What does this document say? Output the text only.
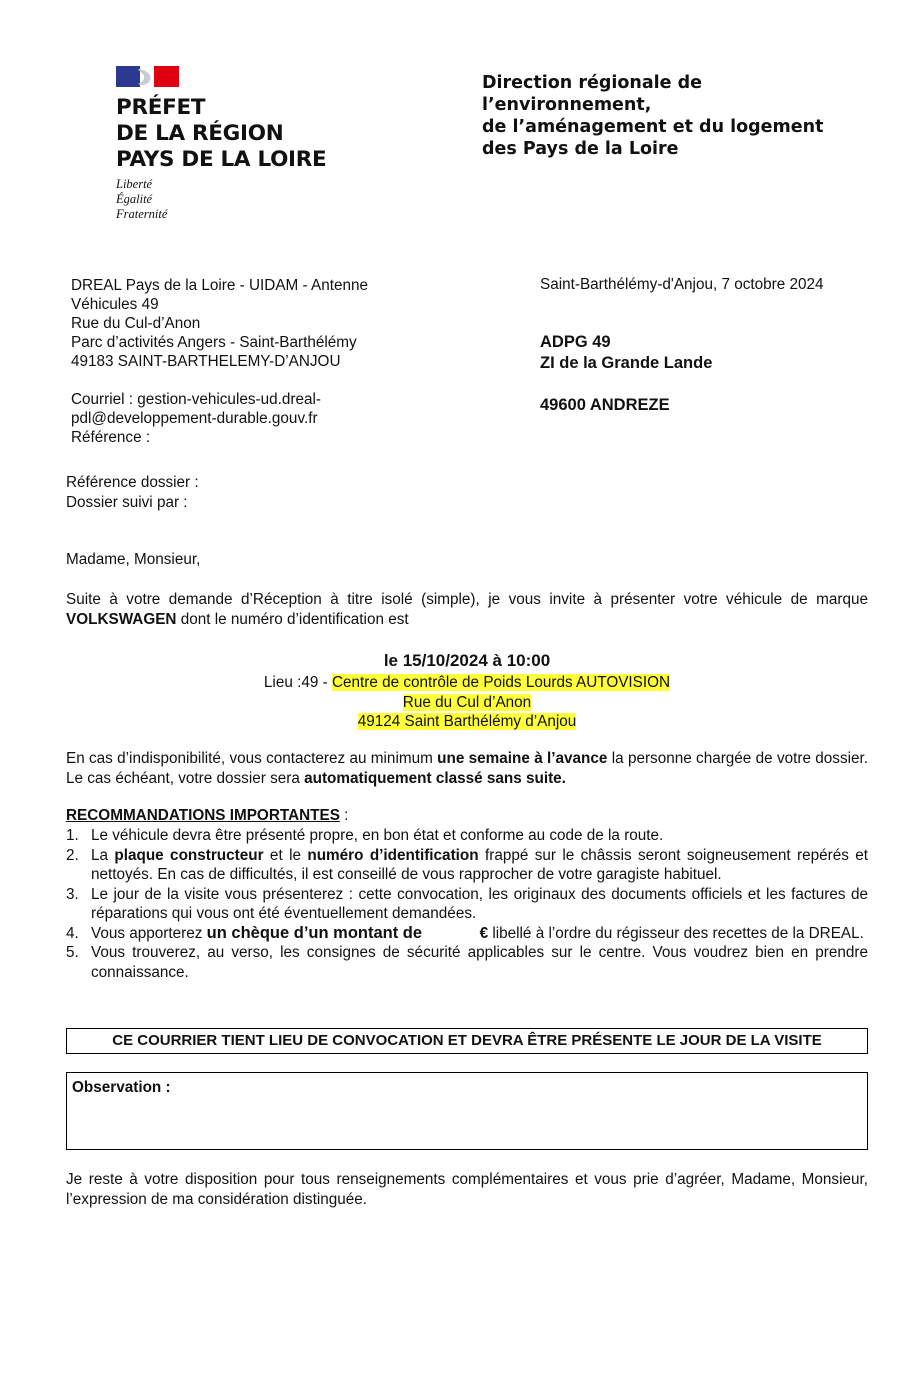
PRÉFET
DE LA RÉGION
PAYS DE LA LOIRE
Liberté
Égalité
Fraternité
Direction régionale de
l’environnement,
de l’aménagement et du logement
des Pays de la Loire
DREAL Pays de la Loire - UIDAM - Antenne
Véhicules 49
Rue du Cul-d’Anon
Parc d’activités Angers - Saint-Barthélémy
49183 SAINT-BARTHELEMY-D’ANJOU
Courriel : gestion-vehicules-ud.dreal-
pdl@developpement-durable.gouv.fr
Référence :
Saint-Barthélémy-d'Anjou, 7 octobre 2024
ADPG 49
ZI de la Grande Lande
49600 ANDREZE
Référence dossier :
Dossier suivi par :
Madame, Monsieur,
Suite à votre demande d’Réception à titre isolé (simple), je vous invite à présenter votre véhicule de marque VOLKSWAGEN dont le numéro d’identification est
le 15/10/2024 à 10:00
Lieu :49 - Centre de contrôle de Poids Lourds AUTOVISION
Rue du Cul d’Anon
49124 Saint Barthélémy d’Anjou
En cas d’indisponibilité, vous contacterez au minimum une semaine à l’avance la personne chargée de votre dossier. Le cas échéant, votre dossier sera automatiquement classé sans suite.
RECOMMANDATIONS IMPORTANTES :
1. Le véhicule devra être présenté propre, en bon état et conforme au code de la route.
2. La plaque constructeur et le numéro d’identification frappé sur le châssis seront soigneusement repérés et nettoyés. En cas de difficultés, il est conseillé de vous rapprocher de votre garagiste habituel.
3. Le jour de la visite vous présenterez : cette convocation, les originaux des documents officiels et les factures de réparations qui vous ont été éventuellement demandées.
4. Vous apporterez un chèque d’un montant de	€ libellé à l’ordre du régisseur des recettes de la DREAL.
5. Vous trouverez, au verso, les consignes de sécurité applicables sur le centre. Vous voudrez bien en prendre connaissance.
CE COURRIER TIENT LIEU DE CONVOCATION ET DEVRA ÊTRE PRÉSENTE LE JOUR DE LA VISITE
Observation :
Je reste à votre disposition pour tous renseignements complémentaires et vous prie d’agréer, Madame, Monsieur, l’expression de ma considération distinguée.
